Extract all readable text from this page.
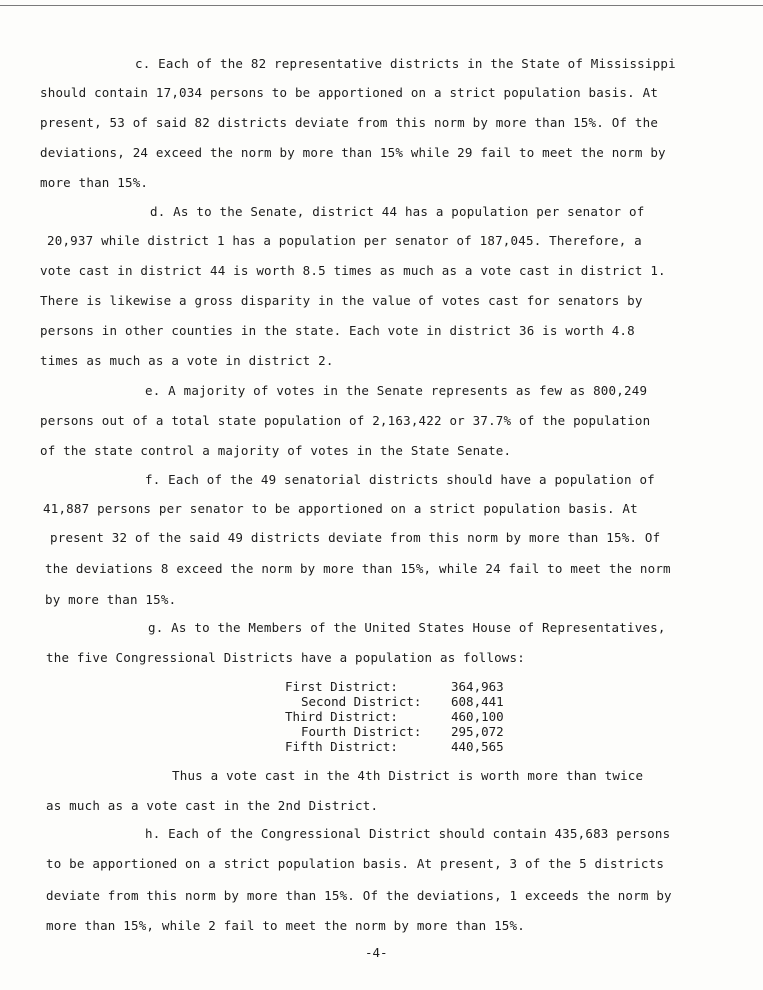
c. Each of the 82 representative districts in the State of Mississippi
should contain 17,034 persons to be apportioned on a strict population basis. At
present, 53 of said 82 districts deviate from this norm by more than 15%. Of the
deviations, 24 exceed the norm by more than 15% while 29 fail to meet the norm by
more than 15%.
d. As to the Senate, district 44 has a population per senator of
20,937 while district 1 has a population per senator of 187,045. Therefore, a
vote cast in district 44 is worth 8.5 times as much as a vote cast in district 1.
There is likewise a gross disparity in the value of votes cast for senators by
persons in other counties in the state. Each vote in district 36 is worth 4.8
times as much as a vote in district 2.
e. A majority of votes in the Senate represents as few as 800,249
persons out of a total state population of 2,163,422 or 37.7% of the population
of the state control a majority of votes in the State Senate.
f. Each of the 49 senatorial districts should have a population of
41,887 persons per senator to be apportioned on a strict population basis. At
present 32 of the said 49 districts deviate from this norm by more than 15%. Of
the deviations 8 exceed the norm by more than 15%, while 24 fail to meet the norm
by more than 15%.
g. As to the Members of the United States House of Representatives,
the five Congressional Districts have a population as follows:
First District:	364,963
Second District:	608,441
Third District:	460,100
Fourth District:	295,072
Fifth District:	440,565
Thus a vote cast in the 4th District is worth more than twice
as much as a vote cast in the 2nd District.
h. Each of the Congressional District should contain 435,683 persons
to be apportioned on a strict population basis. At present, 3 of the 5 districts
deviate from this norm by more than 15%. Of the deviations, 1 exceeds the norm by
more than 15%, while 2 fail to meet the norm by more than 15%.
-4-
